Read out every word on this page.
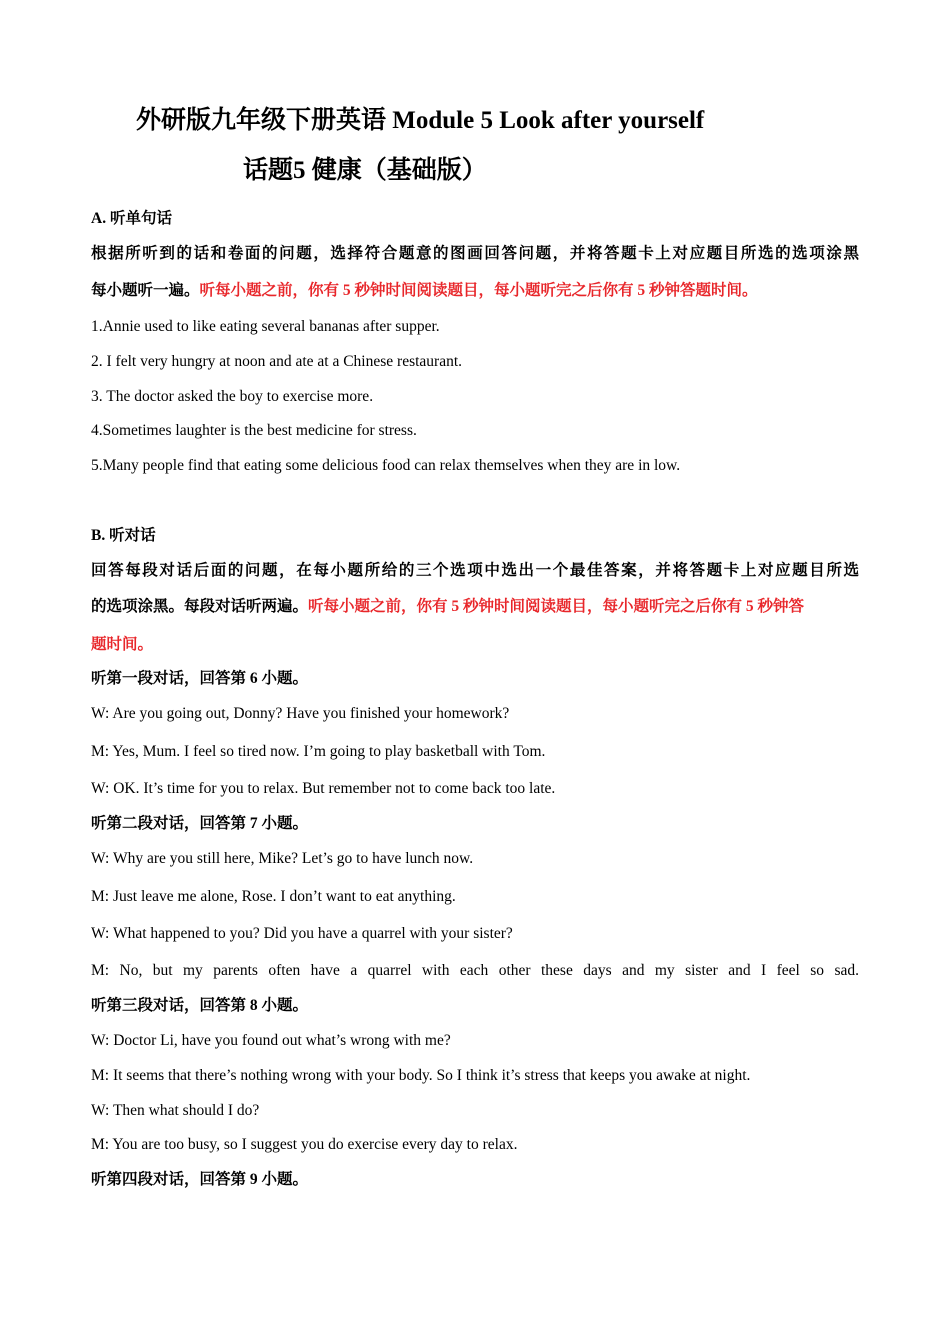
外研版九年级下册英语 Module 5 Look after yourself
话题5 健康（基础版）
A. 听单句话
根据所听到的话和卷面的问题，选择符合题意的图画回答问题，并将答题卡上对应题目所选的选项涂黑
每小题听一遍。听每小题之前，你有 5 秒钟时间阅读题目，每小题听完之后你有 5 秒钟答题时间。
1.Annie used to like eating several bananas after supper.
2. I felt very hungry at noon and ate at a Chinese restaurant.
3. The doctor asked the boy to exercise more.
4.Sometimes laughter is the best medicine for stress.
5.Many people find that eating some delicious food can relax themselves when they are in low.
B. 听对话
回答每段对话后面的问题，在每小题所给的三个选项中选出一个最佳答案，并将答题卡上对应题目所选
的选项涂黑。每段对话听两遍。听每小题之前，你有 5 秒钟时间阅读题目，每小题听完之后你有 5 秒钟答
题时间。
听第一段对话，回答第 6 小题。
W: Are you going out, Donny? Have you finished your homework?
M: Yes, Mum. I feel so tired now. I’m going to play basketball with Tom.
W: OK. It’s time for you to relax. But remember not to come back too late.
听第二段对话，回答第 7 小题。
W: Why are you still here, Mike? Let’s go to have lunch now.
M: Just leave me alone, Rose. I don’t want to eat anything.
W: What happened to you? Did you have a quarrel with your sister?
M: No, but my parents often have a quarrel with each other these days and my sister and I feel so sad.
听第三段对话，回答第 8 小题。
W: Doctor Li, have you found out what’s wrong with me?
M: It seems that there’s nothing wrong with your body. So I think it’s stress that keeps you awake at night.
W: Then what should I do?
M: You are too busy, so I suggest you do exercise every day to relax.
听第四段对话，回答第 9 小题。
